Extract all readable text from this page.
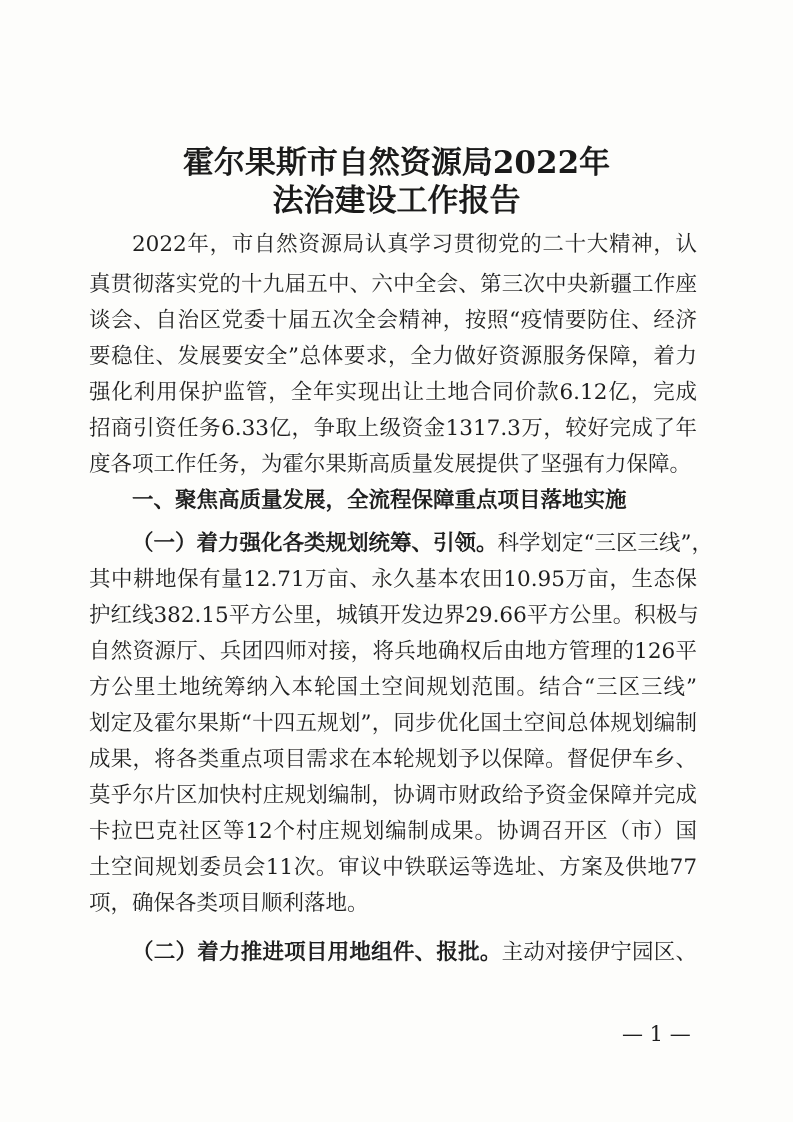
霍尔果斯市自然资源局2022年
法治建设工作报告
2022年，市自然资源局认真学习贯彻党的二十大精神，认
真贯彻落实党的十九届五中、六中全会、第三次中央新疆工作座
谈会、自治区党委十届五次全会精神，按照“疫情要防住、经济
要稳住、发展要安全”总体要求，全力做好资源服务保障，着力
强化利用保护监管，全年实现出让土地合同价款6.12亿，完成
招商引资任务6.33亿，争取上级资金1317.3万，较好完成了年
度各项工作任务，为霍尔果斯高质量发展提供了坚强有力保障。
一、聚焦高质量发展，全流程保障重点项目落地实施
（一）着力强化各类规划统筹、引领。科学划定“三区三线”，
其中耕地保有量12.71万亩、永久基本农田10.95万亩，生态保
护红线382.15平方公里，城镇开发边界29.66平方公里。积极与
自然资源厅、兵团四师对接，将兵地确权后由地方管理的126平
方公里土地统筹纳入本轮国土空间规划范围。结合“三区三线”
划定及霍尔果斯“十四五规划”，同步优化国土空间总体规划编制
成果，将各类重点项目需求在本轮规划予以保障。督促伊车乡、
莫乎尔片区加快村庄规划编制，协调市财政给予资金保障并完成
卡拉巴克社区等12个村庄规划编制成果。协调召开区（市）国
土空间规划委员会11次。审议中铁联运等选址、方案及供地77
项，确保各类项目顺利落地。
（二）着力推进项目用地组件、报批。主动对接伊宁园区、
— 1 —
